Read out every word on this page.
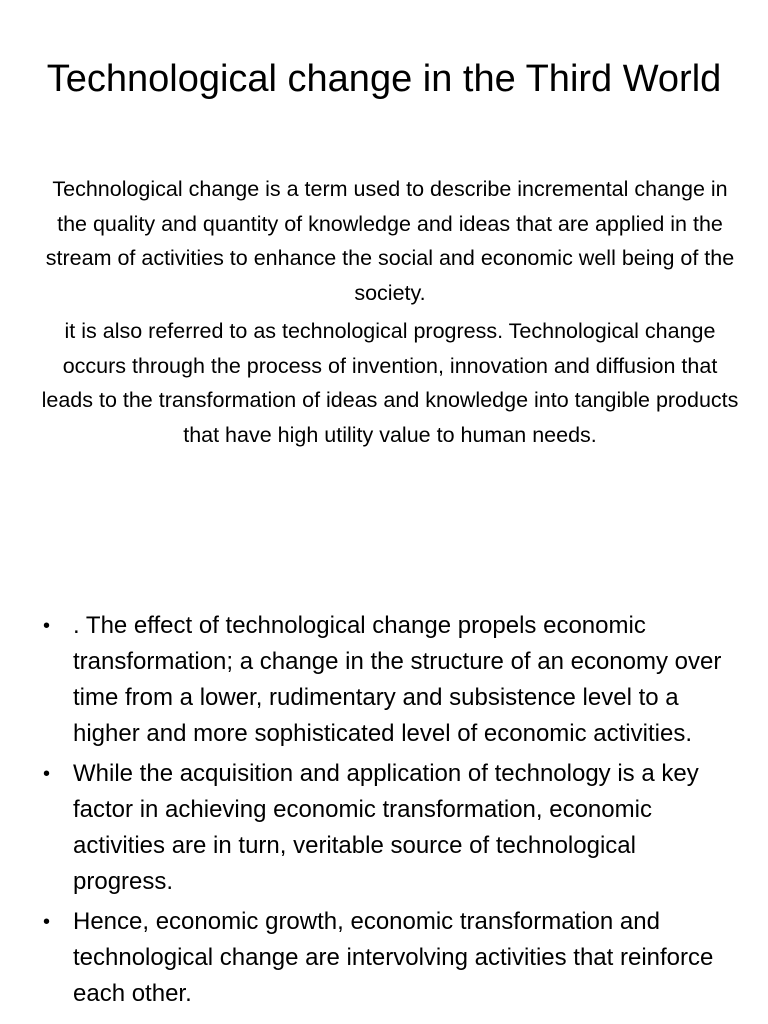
Technological change in the Third World

Technological change is a term used to describe incremental change in the quality and quantity of knowledge and ideas that are applied in the stream of activities to enhance the social and economic well being of the society.

it is also referred to as technological progress. Technological change occurs through the process of invention, innovation and diffusion that leads to the transformation of ideas and knowledge into tangible products that have high utility value to human needs.

• . The effect of technological change propels economic transformation; a change in the structure of an economy over time from a lower, rudimentary and subsistence level to a higher and more sophisticated level of economic activities.
• While the acquisition and application of technology is a key factor in achieving economic transformation, economic activities are in turn, veritable source of technological progress.
• Hence, economic growth, economic transformation and technological change are intervolving activities that reinforce each other.
